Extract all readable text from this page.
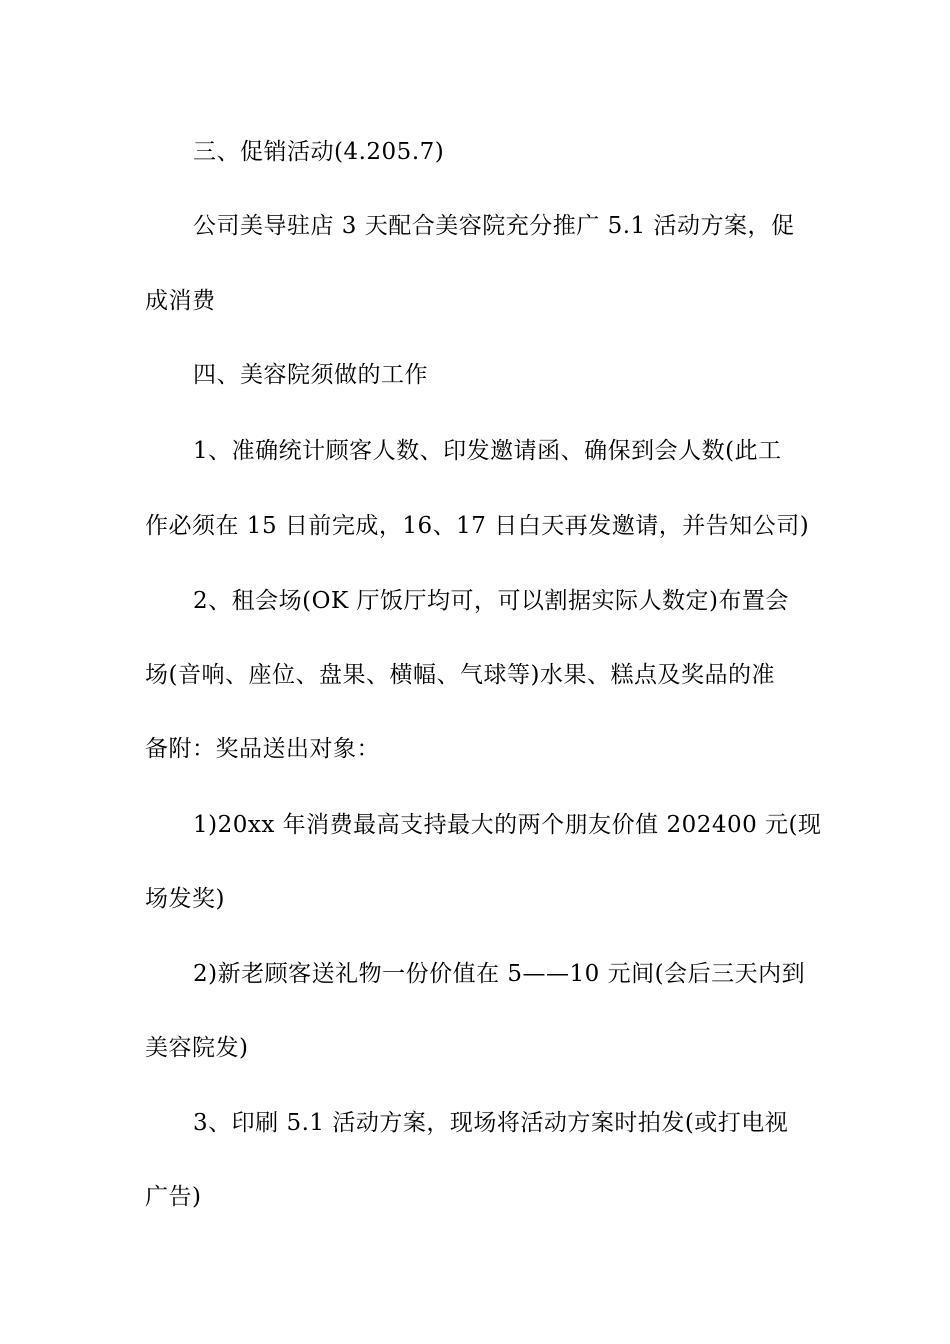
三、促销活动(4.205.7)

公司美导驻店 3 天配合美容院充分推广 5.1 活动方案，促

成消费

四、美容院须做的工作

1、准确统计顾客人数、印发邀请函、确保到会人数(此工

作必须在 15 日前完成，16、17 日白天再发邀请，并告知公司)

2、租会场(OK 厅饭厅均可，可以割据实际人数定)布置会

场(音响、座位、盘果、横幅、气球等)水果、糕点及奖品的准

备附：奖品送出对象：

1)20xx 年消费最高支持最大的两个朋友价值 202400 元(现

场发奖)

2)新老顾客送礼物一份价值在 5——10 元间(会后三天内到

美容院发)

3、印刷 5.1 活动方案，现场将活动方案时拍发(或打电视

广告)
